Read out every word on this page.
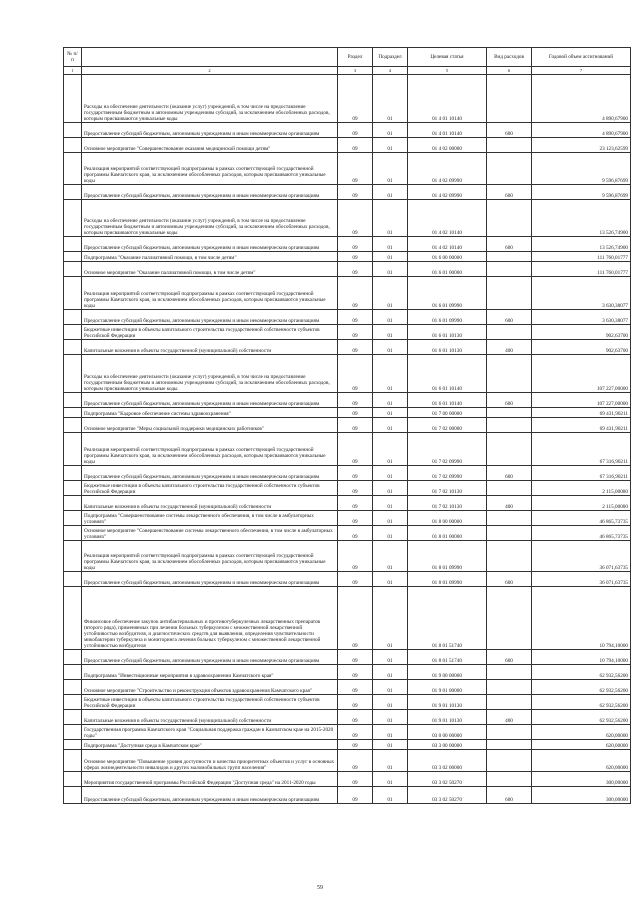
№ п/п		Раздел	Подраздел	Целевая статья	Вид расходов	Годовой объем ассигнований
1	2	3	4	5	6	7
	Расходы на обеспечение деятельности (оказание услуг) учреждений, в том числе на предоставление государственным бюджетным и автономным учреждениям субсидий, за исключением обособленных расходов, которым присваиваются уникальные коды	09	01	01 4 01 10140		4 890,67900
	Предоставление субсидий бюджетным, автономным учреждениям и иным некоммерческим организациям	09	01	01 4 01 10140	600	4 890,67900
	Основное мероприятие "Совершенствование оказания медицинской помощи детям"	09	01	01 4 02 00000		23 123,62599
	Реализация мероприятий соответствующей подпрограммы в рамках соответствующей государственной программы Камчатского края, за исключением обособленных расходов, которым присваиваются уникальные коды	09	01	01 4 02 09990		9 596,87699
	Предоставление субсидий бюджетным, автономным учреждениям и иным некоммерческим организациям	09	01	01 4 02 09990	600	9 596,87699
	Расходы на обеспечение деятельности (оказание услуг) учреждений, в том числе на предоставление государственным бюджетным и автономным учреждениям субсидий, за исключением обособленных расходов, которым присваиваются уникальные коды	09	01	01 4 02 10140		13 526,74900
	Предоставление субсидий бюджетным, автономным учреждениям и иным некоммерческим организациям	09	01	01 4 02 10140	600	13 526,74900
	Подпрограмма "Оказание паллиативной помощи, в том числе детям"	09	01	01 6 00 00000		111 760,01777
	Основное мероприятие "Оказание паллиативной помощи, в том числе детям"	09	01	01 6 01 00000		111 760,01777
	Реализация мероприятий соответствующей подпрограммы в рамках соответствующей государственной программы Камчатского края, за исключением обособленных расходов, которым присваиваются уникальные коды	09	01	01 6 01 09990		3 630,38077
	Предоставление субсидий бюджетным, автономным учреждениям и иным некоммерческим организациям	09	01	01 6 01 09990	600	3 630,38077
	Бюджетные инвестиции в объекты капитального строительства государственной собственности субъектов Российской Федерации	09	01	01 6 01 10130		902,63700
	Капитальные вложения в объекты государственной (муниципальной) собственности	09	01	01 6 01 10130	400	902,63700
	Расходы на обеспечение деятельности (оказание услуг) учреждений, в том числе на предоставление государственным бюджетным и автономным учреждениям субсидий, за исключением обособленных расходов, которым присваиваются уникальные коды	09	01	01 6 01 10140		107 227,00000
	Предоставление субсидий бюджетным, автономным учреждениям и иным некоммерческим организациям	09	01	01 6 01 10140	600	107 227,00000
	Подпрограмма "Кадровое обеспечение системы здравоохранения"	09	01	01 7 00 00000		69 431,90211
	Основное мероприятие "Меры социальной поддержки медицинских работников"	09	01	01 7 02 00000		69 431,90211
	Реализация мероприятий соответствующей подпрограммы в рамках соответствующей государственной программы Камчатского края, за исключением обособленных расходов, которым присваиваются уникальные коды	09	01	01 7 02 09990		67 316,90211
	Предоставление субсидий бюджетным, автономным учреждениям и иным некоммерческим организациям	09	01	01 7 02 09990	600	67 316,90211
	Бюджетные инвестиции в объекты капитального строительства государственной собственности субъектов Российской Федерации	09	01	01 7 02 10130		2 115,00000
	Капитальные вложения в объекты государственной (муниципальной) собственности	09	01	01 7 02 10130	400	2 115,00000
	Подпрограмма "Совершенствование системы лекарственного обеспечения, в том числе в амбулаторных условиях"	09	01	01 8 00 00000		46 865,73735
	Основное мероприятие "Совершенствование системы лекарственного обеспечения, в том числе в амбулаторных условиях"	09	01	01 8 01 00000		46 865,73735
	Реализация мероприятий соответствующей подпрограммы в рамках соответствующей государственной программы Камчатского края, за исключением обособленных расходов, которым присваиваются уникальные коды	09	01	01 8 01 09990		36 071,63735
	Предоставление субсидий бюджетным, автономным учреждениям и иным некоммерческим организациям	09	01	01 8 01 09990	600	36 071,63735
	Финансовое обеспечение закупок антибактериальных и противотуберкулезных лекарственных препаратов (второго ряда), применяемых при лечении больных туберкулезом с множественной лекарственной устойчивостью возбудителя, и диагностических средств для выявления, определения чувствительности микобактерии туберкулеза и мониторинга лечения больных туберкулезом с множественной лекарственной устойчивостью возбудителя	09	01	01 8 01 51740		10 794,10000
	Предоставление субсидий бюджетным, автономным учреждениям и иным некоммерческим организациям	09	01	01 8 01 51740	600	10 794,10000
	Подпрограмма "Инвестиционные мероприятия в здравоохранении Камчатского края"	09	01	01 9 00 00000		62 932,56200
	Основное мероприятие "Строительство и реконструкция объектов здравоохранения Камчатского края"	09	01	01 9 01 00000		62 932,56200
	Бюджетные инвестиции в объекты капитального строительства государственной собственности субъектов Российской Федерации	09	01	01 9 01 10130		62 932,56200
	Капитальные вложения в объекты государственной (муниципальной) собственности	09	01	01 9 01 10130	400	62 932,56200
	Государственная программа Камчатского края "Социальная поддержка граждан в Камчатском крае на 2015-2020 годы"	09	01	03 0 00 00000		620,00000
	Подпрограмма "Доступная среда в Камчатском крае"	09	01	03 3 00 00000		620,00000
	Основное мероприятие "Повышение уровня доступности и качества приоритетных объектов и услуг в основных сферах жизнедеятельности инвалидов и других маломобильных групп населения"	09	01	03 3 02 00000		620,00000
	Мероприятия государственной программы Российской Федерации "Доступная среда" на 2011-2020 годы	09	01	03 3 02 50270		300,00000
	Предоставление субсидий бюджетным, автономным учреждениям и иным некоммерческим организациям	09	01	03 3 02 50270	600	300,00000
59
